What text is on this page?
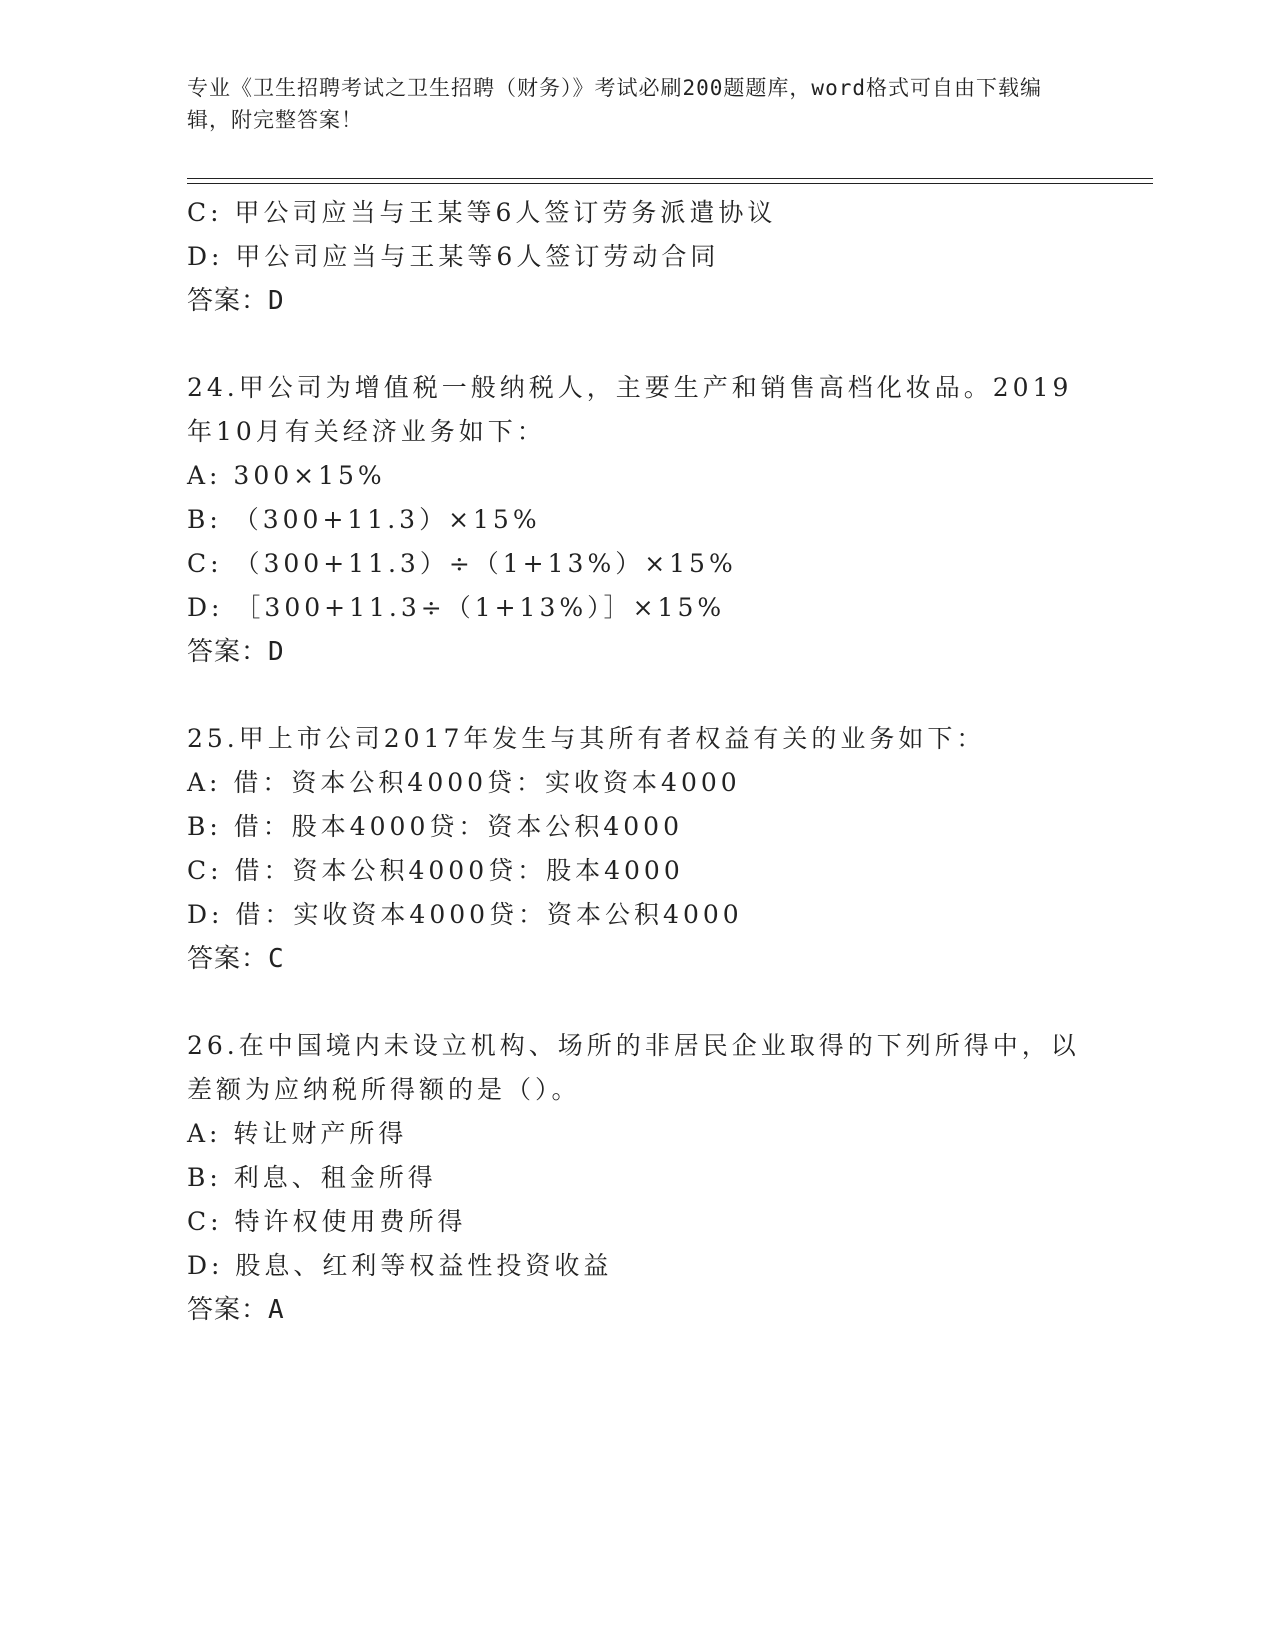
专业《卫生招聘考试之卫生招聘（财务）》考试必刷200题题库，word格式可自由下载编辑，附完整答案！
C: 甲公司应当与王某等6人签订劳务派遣协议
D: 甲公司应当与王某等6人签订劳动合同
答案：D
24.甲公司为增值税一般纳税人，主要生产和销售高档化妆品。2019
年10月有关经济业务如下：
A: 300×15%
B: （300+11.3）×15%
C: （300+11.3）÷（1+13%）×15%
D: ［300+11.3÷（1+13%）］×15%
答案：D
25.甲上市公司2017年发生与其所有者权益有关的业务如下：
A: 借：资本公积4000贷：实收资本4000
B: 借：股本4000贷：资本公积4000
C: 借：资本公积4000贷：股本4000
D: 借：实收资本4000贷：资本公积4000
答案：C
26.在中国境内未设立机构、场所的非居民企业取得的下列所得中，以
差额为应纳税所得额的是（）。
A: 转让财产所得
B: 利息、租金所得
C: 特许权使用费所得
D: 股息、红利等权益性投资收益
答案：A
